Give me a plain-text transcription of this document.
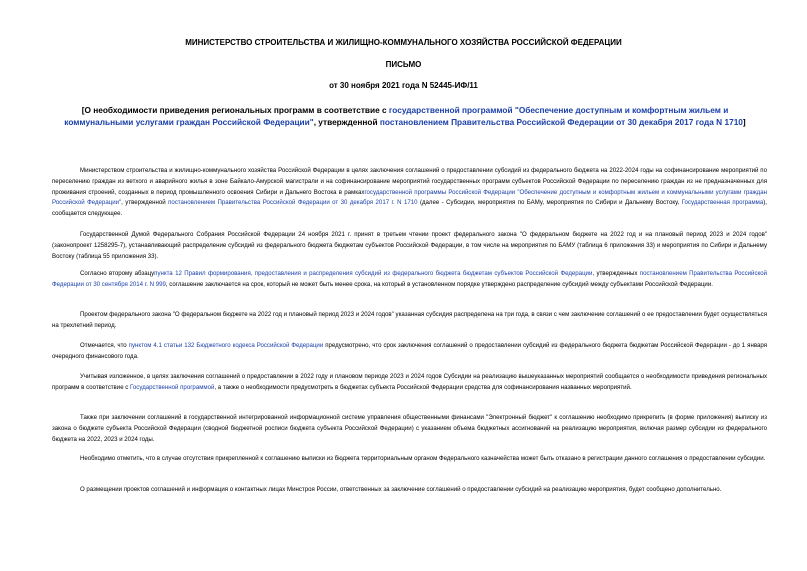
МИНИСТЕРСТВО СТРОИТЕЛЬСТВА И ЖИЛИЩНО-КОММУНАЛЬНОГО ХОЗЯЙСТВА РОССИЙСКОЙ ФЕДЕРАЦИИ
ПИСЬМО
от 30 ноября 2021 года N 52445-ИФ/11
[О необходимости приведения региональных программ в соответствие с государственной программой "Обеспечение доступным и комфортным жильем и коммунальными услугами граждан Российской Федерации", утвержденной постановлением Правительства Российской Федерации от 30 декабря 2017 года N 1710]

Министерством строительства и жилищно-коммунального хозяйства Российской Федерации в целях заключения соглашений о предоставлении субсидий из федерального бюджета на 2022-2024 годы на софинансирование мероприятий по переселению граждан из ветхого и аварийного жилья в зоне Байкало-Амурской магистрали и на софинансирование мероприятий государственных программ субъектов Российской Федерации по переселению граждан из не предназначенных для проживания строений, созданных в период промышленного освоения Сибири и Дальнего Востока в рамкахгосударственной программы Российской Федерации "Обеспечение доступным и комфортным жильем и коммунальными услугами граждан Российской Федерации", утвержденной постановлением Правительства Российской Федерации от 30 декабря 2017 г. N 1710 (далее - Субсидии, мероприятия по БАМу, мероприятия по Сибири и Дальнему Востоку, Государственная программа), сообщается следующее.

Государственной Думой Федерального Собрания Российской Федерации 24 ноября 2021 г. принят в третьем чтении проект федерального закона "О федеральном бюджете на 2022 год и на плановый период 2023 и 2024 годов" (законопроект 1258295-7), устанавливающий распределение субсидий из федерального бюджета бюджетам субъектов Российской Федерации, в том числе на мероприятия по БАМУ (таблица 6 приложения 33) и мероприятия по Сибири и Дальнему Востоку (таблица 55 приложения 33).

Согласно второму абзацупункта 12 Правил формирования, предоставления и распределения субсидий из федерального бюджета бюджетам субъектов Российской Федерации, утвержденных постановлением Правительства Российской Федерации от 30 сентября 2014 г. N 999, соглашение заключается на срок, который не может быть менее срока, на который в установленном порядке утверждено распределение субсидий между субъектами Российской Федерации.

Проектом федерального закона "О федеральном бюджете на 2022 год и плановый период 2023 и 2024 годов" указанная субсидия распределена на три года, в связи с чем заключение соглашений о ее предоставлении будет осуществляться на трехлетний период.

Отмечается, что пунктом 4.1 статьи 132 Бюджетного кодекса Российской Федерации предусмотрено, что срок заключения соглашений о предоставлении субсидий из федерального бюджета бюджетам Российской Федерации - до 1 января очередного финансового года.

Учитывая изложенное, в целях заключения соглашений о предоставлении в 2022 году и плановом периоде 2023 и 2024 годов Субсидии на реализацию вышеуказанных мероприятий сообщается о необходимости приведения региональных программ в соответствие с Государственной программой, а также о необходимости предусмотреть в бюджетах субъекта Российской Федерации средства для софинансирования названных мероприятий.

Также при заключении соглашений в государственной интегрированной информационной системе управления общественными финансами "Электронный бюджет" к соглашению необходимо прикрепить (в форме приложения) выписку из закона о бюджете субъекта Российской Федерации (сводной бюджетной росписи бюджета субъекта Российской Федерации) с указанием объема бюджетных ассигнований на реализацию мероприятия, включая размер субсидии из федерального бюджета на 2022, 2023 и 2024 годы.

Необходимо отметить, что в случае отсутствия прикрепленной к соглашению выписки из бюджета территориальным органом Федерального казначейства может быть отказано в регистрации данного соглашения о предоставлении субсидии.

О размещении проектов соглашений и информация о контактных лицах Минстроя России, ответственных за заключение соглашений о предоставлении субсидий на реализацию мероприятия, будет сообщено дополнительно.
